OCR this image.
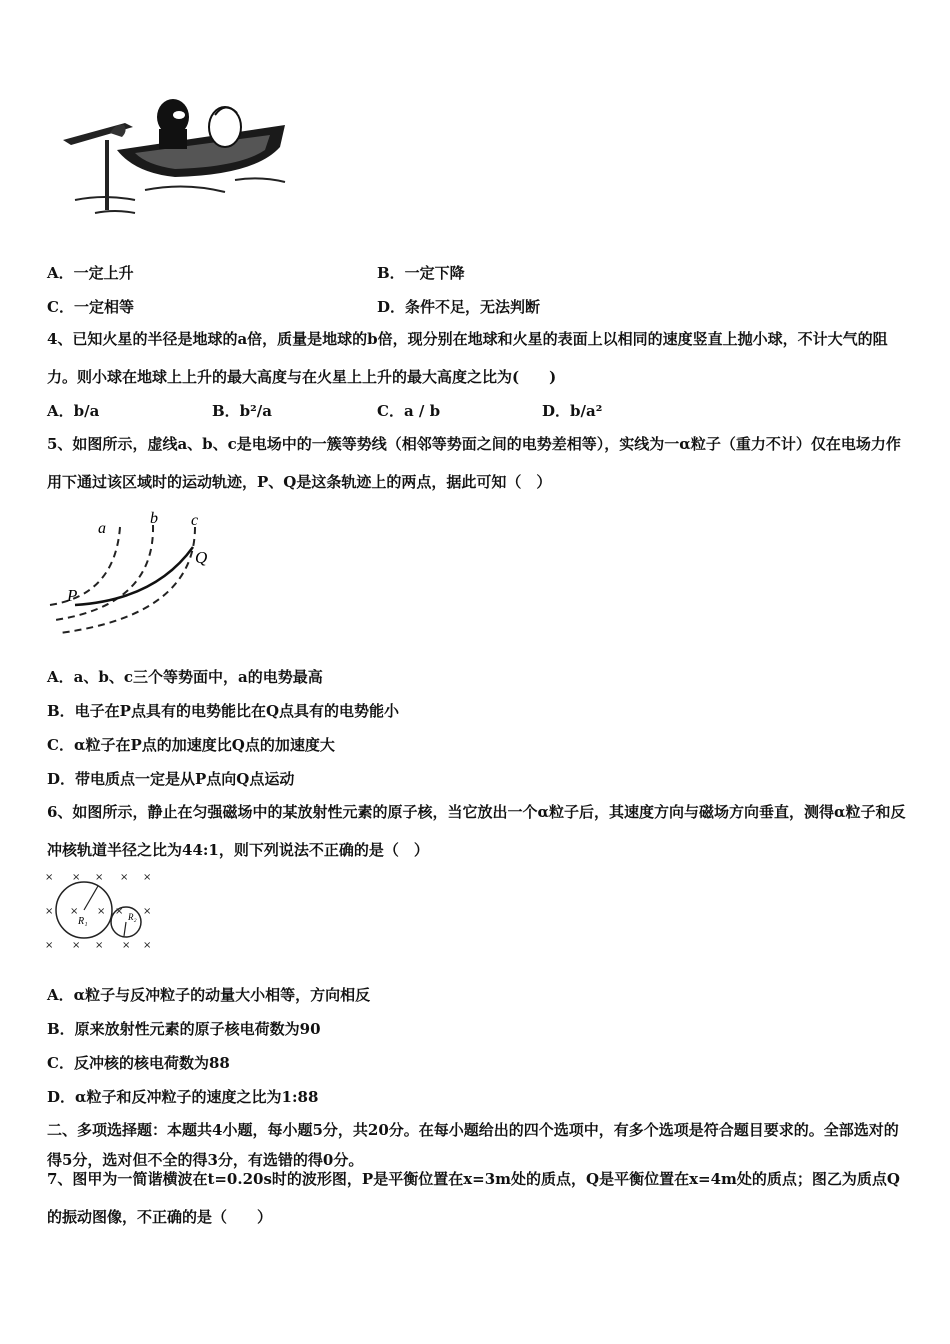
A．一定上升	B．一定下降
C．一定相等	D．条件不足，无法判断
4、已知火星的半径是地球的a倍，质量是地球的b倍，现分别在地球和火星的表面上以相同的速度竖直上抛小球，不计大气的阻力。则小球在地球上上升的最大高度与在火星上上升的最大高度之比为(　　)
A．b/a	B．b²/a	C．a / b	D．b/a²
5、如图所示，虚线a、b、c是电场中的一簇等势线（相邻等势面之间的电势差相等），实线为一α粒子（重力不计）仅在电场力作用下通过该区域时的运动轨迹，P、Q是这条轨迹上的两点，据此可知（　）
a
b c
P
Q
A．a、b、c三个等势面中，a的电势最高
B．电子在P点具有的电势能比在Q点具有的电势能小
C．α粒子在P点的加速度比Q点的加速度大
D．带电质点一定是从P点向Q点运动
6、如图所示，静止在匀强磁场中的某放射性元素的原子核，当它放出一个α粒子后，其速度方向与磁场方向垂直，测得α粒子和反冲核轨道半径之比为44:1，则下列说法不正确的是（　）
× × × × ×
× × × × ×
× × × × ×
R₁	R₂
A．α粒子与反冲粒子的动量大小相等，方向相反
B．原来放射性元素的原子核电荷数为90
C．反冲核的核电荷数为88
D．α粒子和反冲粒子的速度之比为1:88
二、多项选择题：本题共4小题，每小题5分，共20分。在每小题给出的四个选项中，有多个选项是符合题目要求的。全部选对的得5分，选对但不全的得3分，有选错的得0分。
7、图甲为一简谐横波在t=0.20s时的波形图，P是平衡位置在x=3m处的质点，Q是平衡位置在x=4m处的质点；图乙为质点Q的振动图像，不正确的是（　　）
